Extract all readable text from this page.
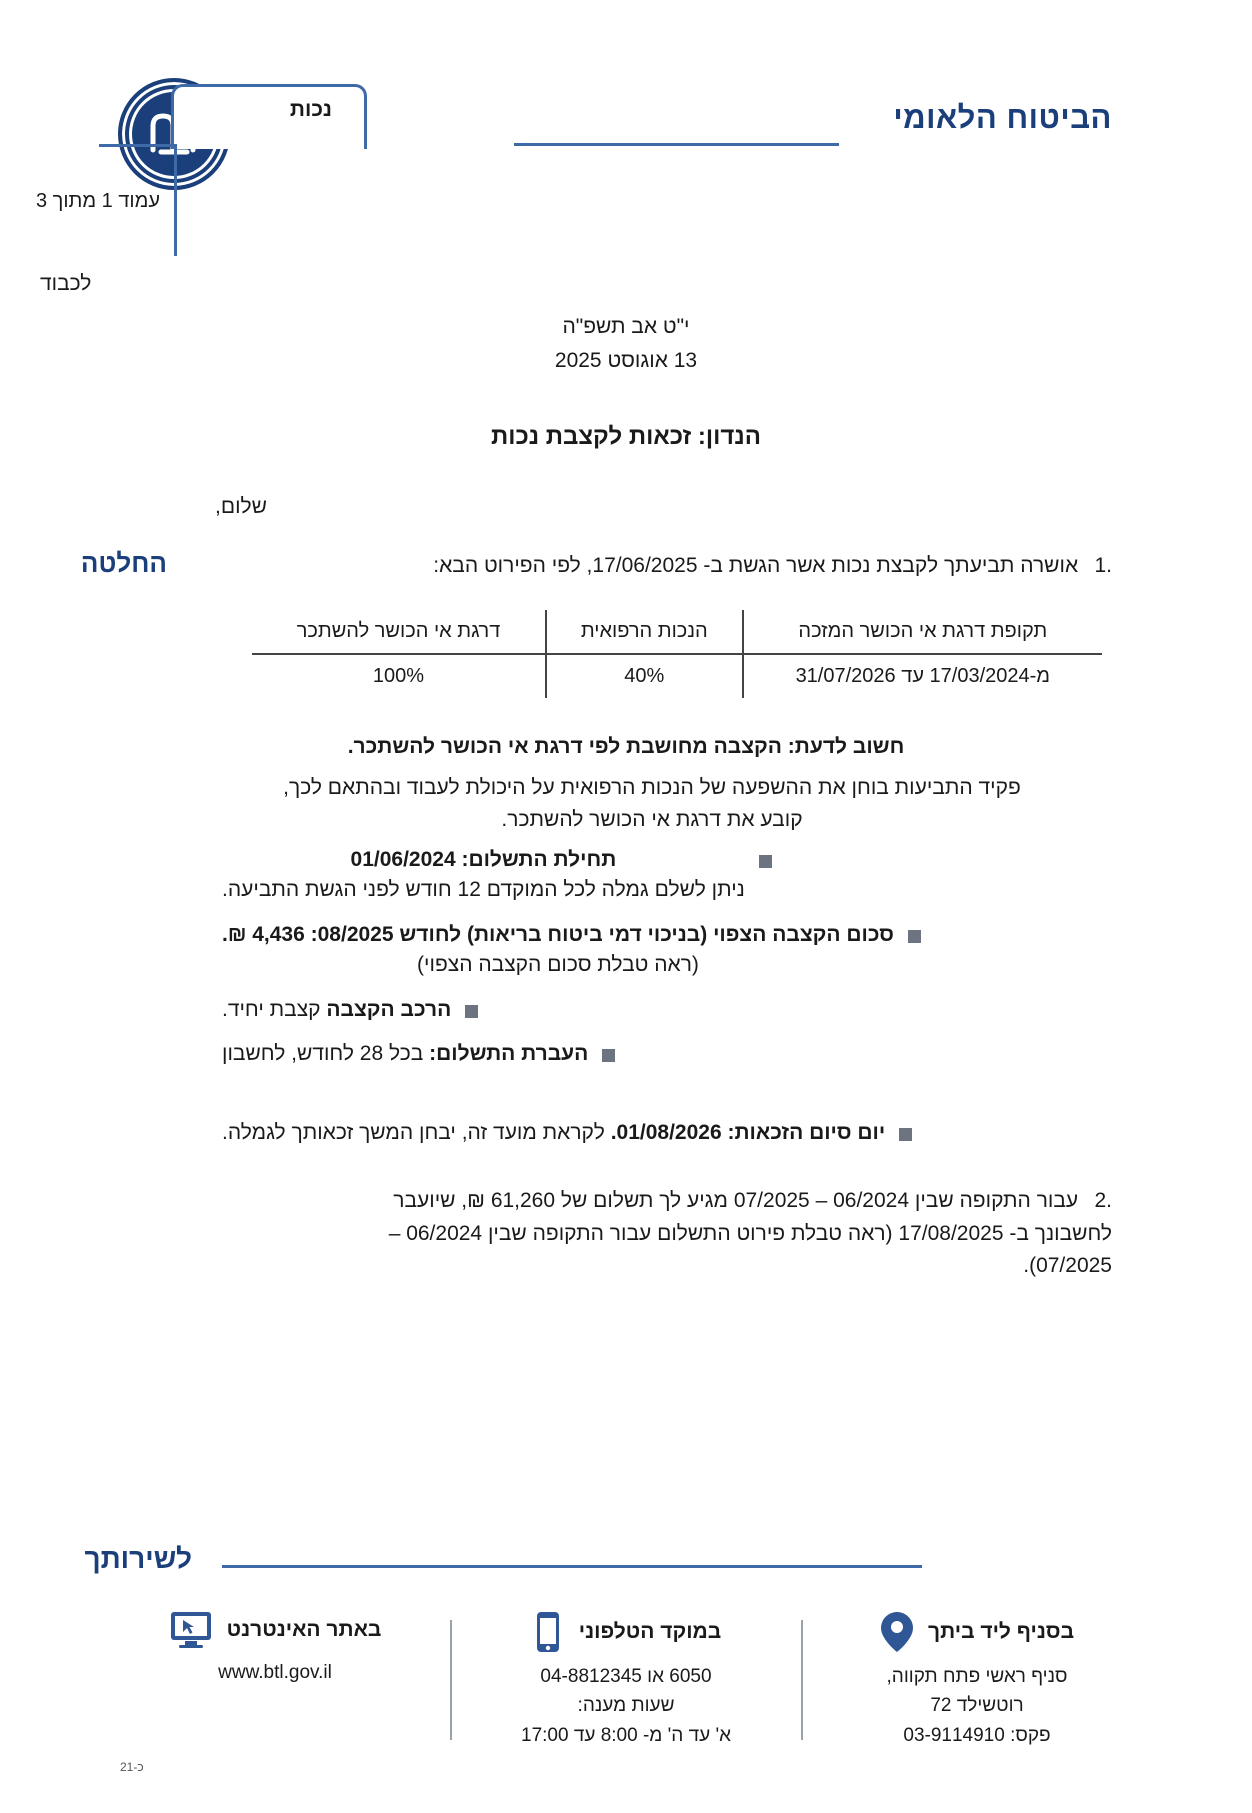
הביטוח הלאומי
נכות
עמוד 1 מתוך 3
לכבוד
י"ט אב תשפ"ה
13 אוגוסט 2025
הנדון: זכאות לקצבת נכות
שלום,
החלטה	.1 אושרה תביעתך לקבצת נכות אשר הגשת ב- 17/06/2025, לפי הפירוט הבא:
תקופת דרגת אי הכושר המזכה	הנכות הרפואית	דרגת אי הכושר להשתכר
מ-17/03/2024 עד 31/07/2026	40%	100%
חשוב לדעת: הקצבה מחושבת לפי דרגת אי הכושר להשתכר.
פקיד התביעות בוחן את ההשפעה של הנכות הרפואית על היכולת לעבוד ובהתאם לכך,
קובע את דרגת אי הכושר להשתכר.
תחילת התשלום: 01/06/2024
ניתן לשלם גמלה לכל המוקדם 12 חודש לפני הגשת התביעה.
סכום הקצבה הצפוי (בניכוי דמי ביטוח בריאות) לחודש 08/2025: 4,436 ₪.
(ראה טבלת סכום הקצבה הצפוי)
הרכב הקצבה קצבת יחיד.
העברת התשלום: בכל 28 לחודש, לחשבון
יום סיום הזכאות: 01/08/2026. לקראת מועד זה, יבחן המשך זכאותך לגמלה.
.2 עבור התקופה שבין 06/2024 – 07/2025 מגיע לך תשלום של 61,260 ₪, שיועבר
לחשבונך ב- 17/08/2025 (ראה טבלת פירוט התשלום עבור התקופה שבין 06/2024 –
07/2025).
לשירותך
בסניף ליד ביתך
סניף ראשי פתח תקווה,
רוטשילד 72
פקס: 03-9114910
במוקד הטלפוני
6050 או 04-8812345
שעות מענה:
א' עד ה' מ- 8:00 עד 17:00
באתר האינטרנט
www.btl.gov.il
כ-21
